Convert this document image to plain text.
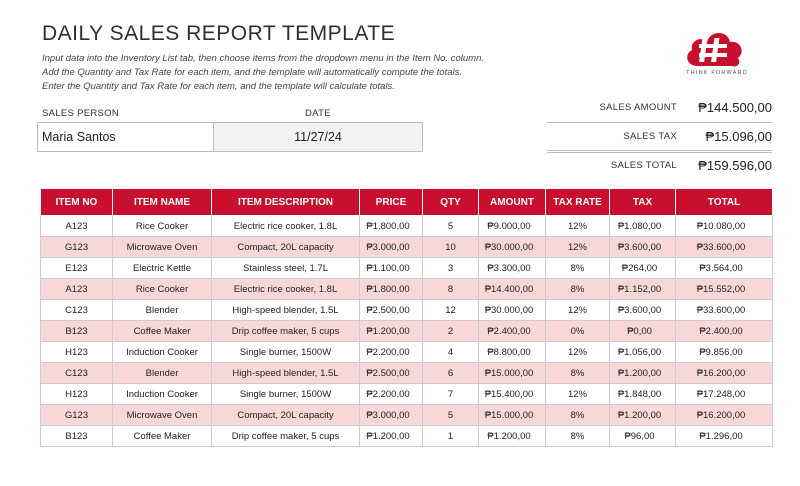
DAILY SALES REPORT TEMPLATE
Input data into the Inventory List tab, then choose items from the dropdown menu in the Item No. column.
Add the Quantity and Tax Rate for each item, and the template will automatically compute the totals.
Enter the Quantity and Tax Rate for each item, and the template will calculate totals.
THINK FORWARD
SALES PERSON	DATE
Maria Santos	11/27/24
SALES AMOUNT	₱144.500,00
SALES TAX	₱15.096,00
SALES TOTAL	₱159.596,00
ITEM NO	ITEM NAME	ITEM DESCRIPTION	PRICE	QTY	AMOUNT	TAX RATE	TAX	TOTAL
A123	Rice Cooker	Electric rice cooker, 1.8L	₱1.800,00	5	₱9.000,00	12%	₱1.080,00	₱10.080,00
G123	Microwave Oven	Compact, 20L capacity	₱3.000,00	10	₱30.000,00	12%	₱3.600,00	₱33.600,00
E123	Electric Kettle	Stainless steel, 1.7L	₱1.100,00	3	₱3.300,00	8%	₱264,00	₱3.564,00
A123	Rice Cooker	Electric rice cooker, 1.8L	₱1.800,00	8	₱14.400,00	8%	₱1.152,00	₱15.552,00
C123	Blender	High-speed blender, 1.5L	₱2.500,00	12	₱30.000,00	12%	₱3.600,00	₱33.600,00
B123	Coffee Maker	Drip coffee maker, 5 cups	₱1.200,00	2	₱2.400,00	0%	₱0,00	₱2.400,00
H123	Induction Cooker	Single burner, 1500W	₱2.200,00	4	₱8.800,00	12%	₱1.056,00	₱9.856,00
C123	Blender	High-speed blender, 1.5L	₱2.500,00	6	₱15.000,00	8%	₱1.200,00	₱16.200,00
H123	Induction Cooker	Single burner, 1500W	₱2.200,00	7	₱15.400,00	12%	₱1.848,00	₱17.248,00
G123	Microwave Oven	Compact, 20L capacity	₱3.000,00	5	₱15.000,00	8%	₱1.200,00	₱16.200,00
B123	Coffee Maker	Drip coffee maker, 5 cups	₱1.200,00	1	₱1.200,00	8%	₱96,00	₱1.296,00
